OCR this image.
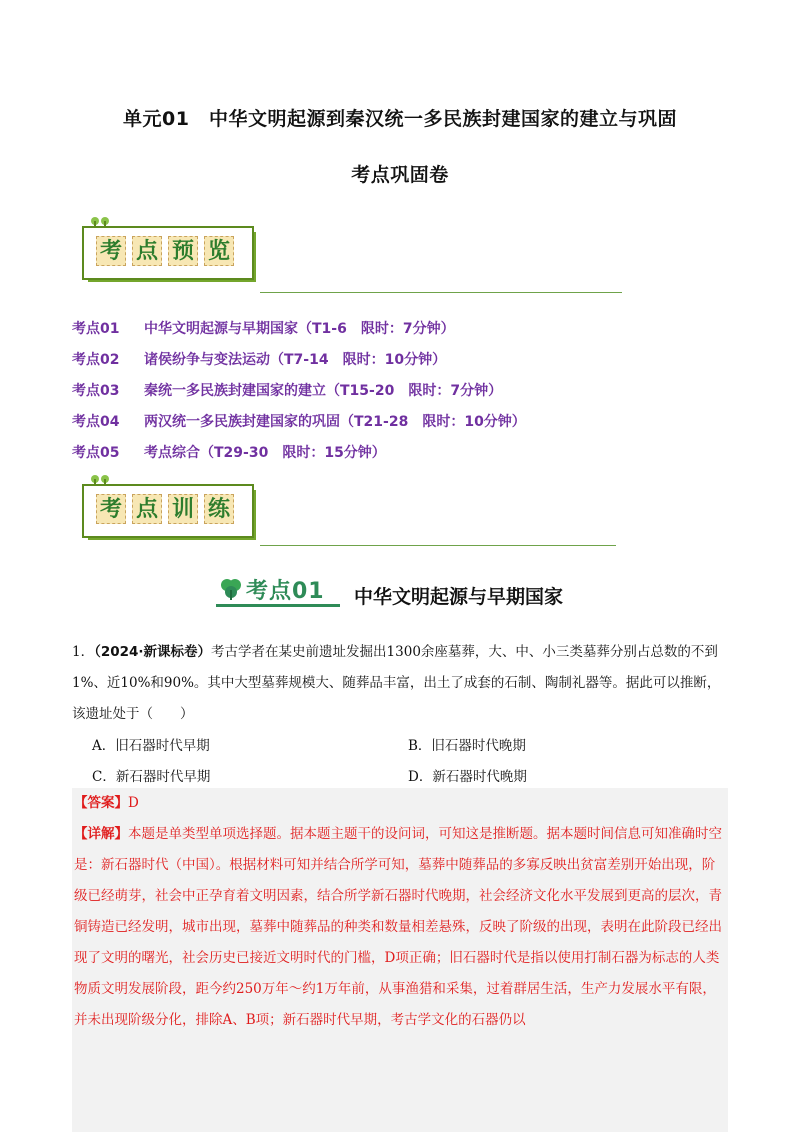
单元01　中华文明起源到秦汉统一多民族封建国家的建立与巩固
考点巩固卷
考 点 预 览
考点01 中华文明起源与早期国家（T1-6　限时：7分钟）
考点02 诸侯纷争与变法运动（T7-14　限时：10分钟）
考点03 秦统一多民族封建国家的建立（T15-20　限时：7分钟）
考点04 两汉统一多民族封建国家的巩固（T21-28　限时：10分钟）
考点05 考点综合（T29-30　限时：15分钟）
考 点 训 练
考点01 中华文明起源与早期国家
1．（2024·新课标卷）考古学者在某史前遗址发掘出1300余座墓葬，大、中、小三类墓葬分别占总数的不到1%、近10%和90%。其中大型墓葬规模大、随葬品丰富，出土了成套的石制、陶制礼器等。据此可以推断，该遗址处于（　　）
A．旧石器时代早期	B．旧石器时代晚期
C．新石器时代早期	D．新石器时代晚期

【答案】D

【详解】本题是单类型单项选择题。据本题主题干的设问词，可知这是推断题。据本题时间信息可知准确时空是：新石器时代（中国）。根据材料可知并结合所学可知，墓葬中随葬品的多寡反映出贫富差别开始出现，阶级已经萌芽，社会中正孕育着文明因素，结合所学新石器时代晚期，社会经济文化水平发展到更高的层次，青铜铸造已经发明，城市出现，墓葬中随葬品的种类和数量相差悬殊，反映了阶级的出现，表明在此阶段已经出现了文明的曙光，社会历史已接近文明时代的门槛，D项正确；旧石器时代是指以使用打制石器为标志的人类物质文明发展阶段，距今约250万年～约1万年前，从事渔猎和采集，过着群居生活，生产力发展水平有限，并未出现阶级分化，排除A、B项；新石器时代早期，考古学文化的石器仍以
